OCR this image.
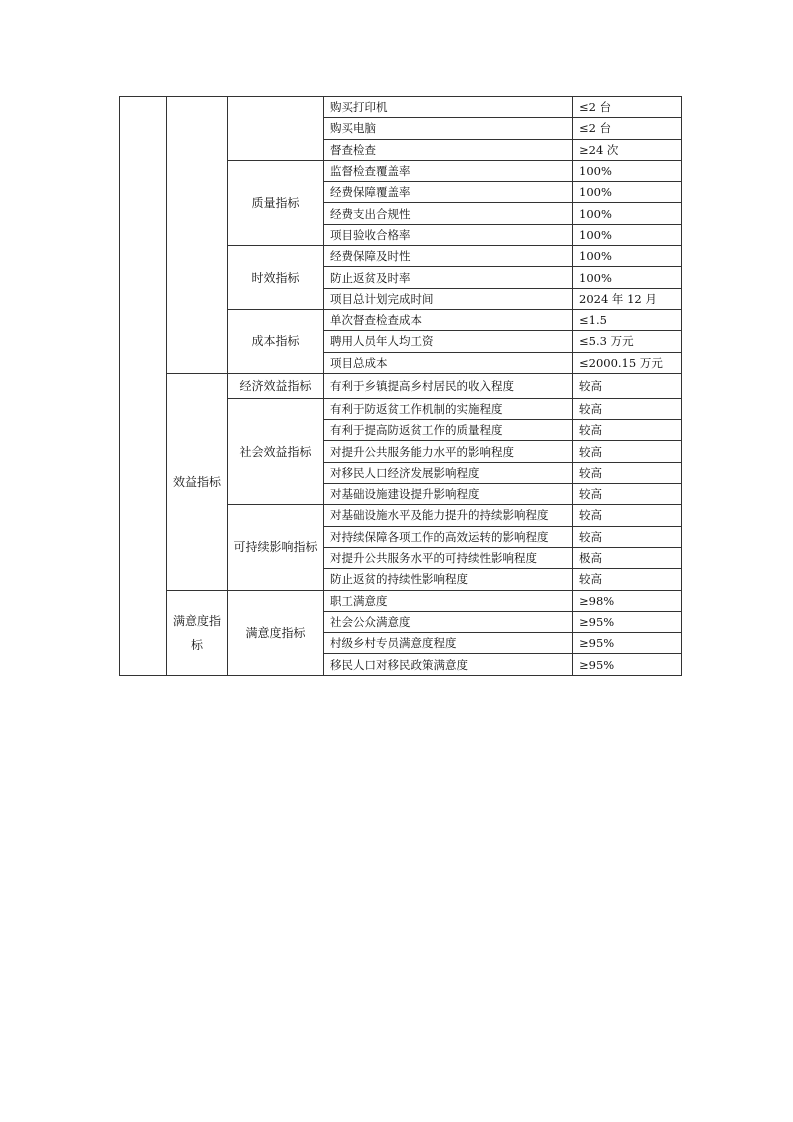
			购买打印机	≤2 台
			购买电脑	≤2 台
			督查检查	≥24 次
		质量指标	监督检查覆盖率	100%
			经费保障覆盖率	100%
			经费支出合规性	100%
			项目验收合格率	100%
		时效指标	经费保障及时性	100%
			防止返贫及时率	100%
			项目总计划完成时间	2024 年 12 月
		成本指标	单次督查检查成本	≤1.5
			聘用人员年人均工资	≤5.3 万元
			项目总成本	≤2000.15 万元
	效益指标	经济效益指标	有利于乡镇提高乡村居民的收入程度	较高
		社会效益指标	有利于防返贫工作机制的实施程度	较高
			有利于提高防返贫工作的质量程度	较高
			对提升公共服务能力水平的影响程度	较高
			对移民人口经济发展影响程度	较高
			对基础设施建设提升影响程度	较高
		可持续影响指标	对基础设施水平及能力提升的持续影响程度	较高
			对持续保障各项工作的高效运转的影响程度	较高
			对提升公共服务水平的可持续性影响程度	极高
			防止返贫的持续性影响程度	较高
	满意度指标	满意度指标	职工满意度	≥98%
			社会公众满意度	≥95%
			村级乡村专员满意度程度	≥95%
			移民人口对移民政策满意度	≥95%
